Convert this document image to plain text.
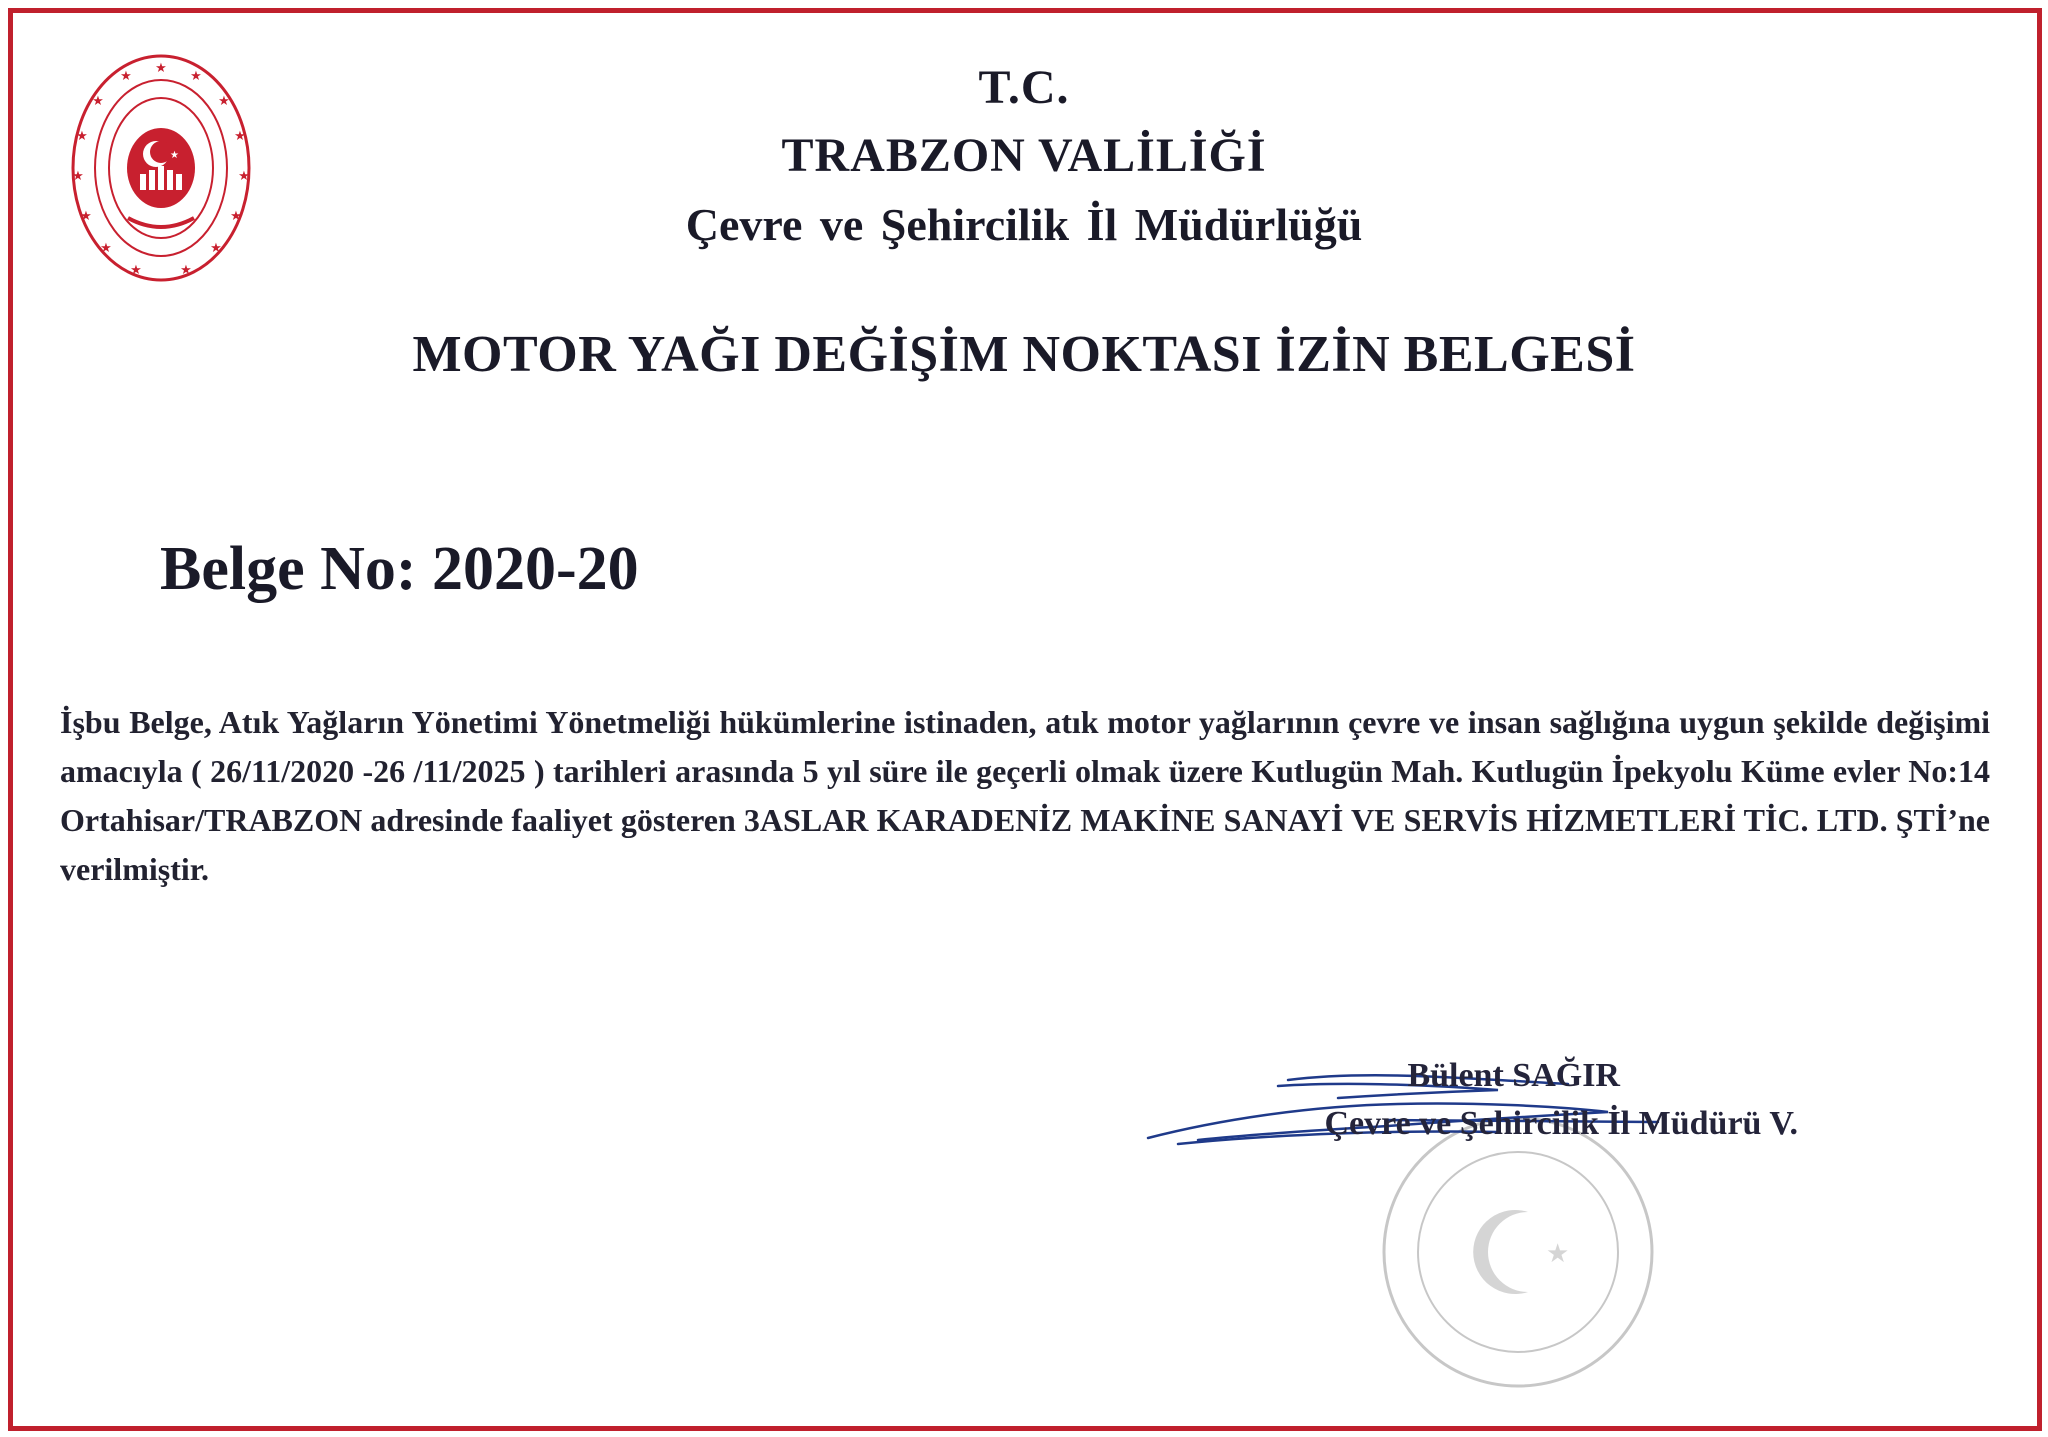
★
★	★
★	★
★	★
★	★
★	★
★	★
★	★
★
T.C.
TRABZON VALİLİĞİ
Çevre ve Şehircilik İl Müdürlüğü
MOTOR YAĞI DEĞİŞİM NOKTASI İZİN BELGESİ
Belge No: 2020-20
İşbu Belge, Atık Yağların Yönetimi Yönetmeliği hükümlerine istinaden, atık motor yağlarının çevre ve insan sağlığına uygun şekilde değişimi amacıyla ( 26/11/2020 -26 /11/2025 ) tarihleri arasında 5 yıl süre ile geçerli olmak üzere Kutlugün Mah. Kutlugün İpekyolu Küme evler No:14 Ortahisar/TRABZON adresinde faaliyet gösteren 3ASLAR KARADENİZ MAKİNE SANAYİ VE SERVİS HİZMETLERİ TİC. LTD. ŞTİ’ne verilmiştir.
★
Bülent SAĞIR
Çevre ve Şehircilik İl Müdürü V.
